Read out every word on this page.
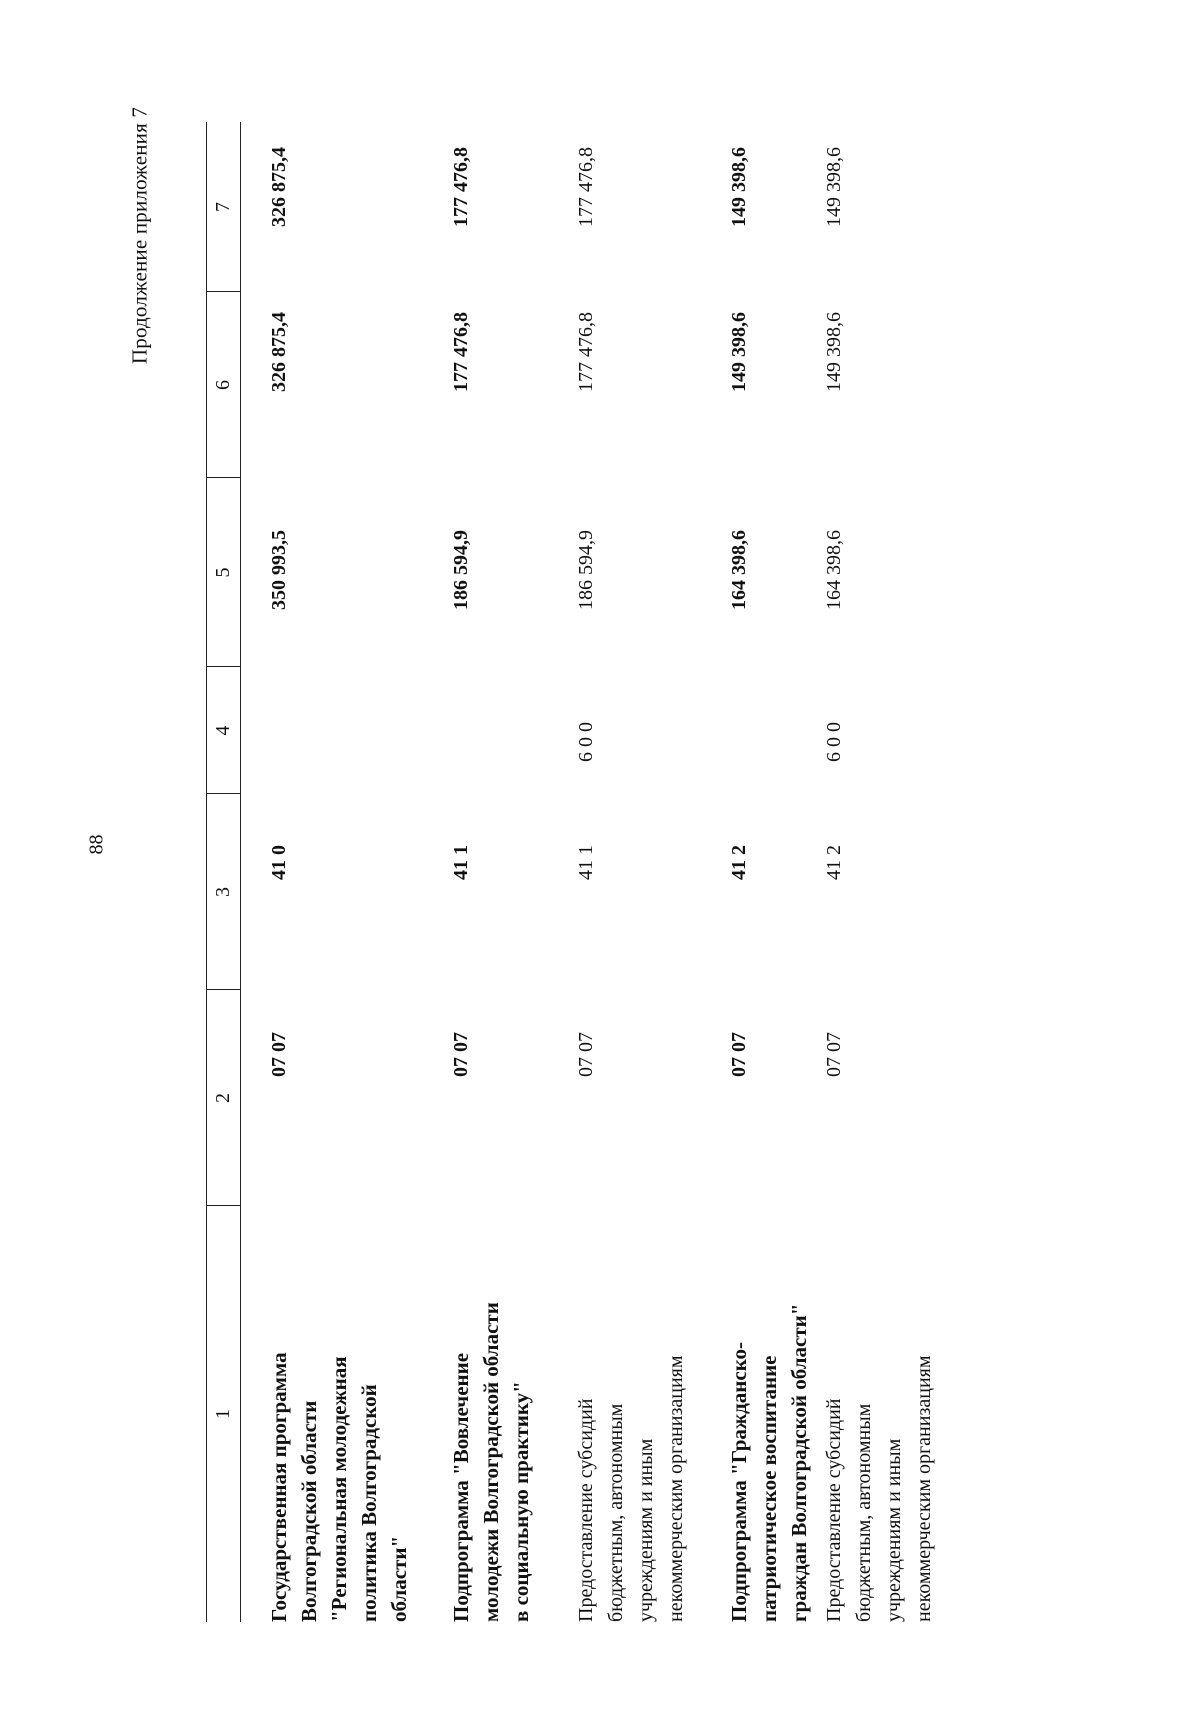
88
Продолжение приложения 7
1
2
3
4
5
6
7
Государственная программа Волгоградской области "Региональная молодежная политика Волгоградской области"
07 07
41 0
350 993,5
326 875,4
326 875,4
Подпрограмма "Вовлечение молодежи Волгоградской области в социальную практику"
07 07
41 1
186 594,9
177 476,8
177 476,8
Предоставление субсидий бюджетным, автономным учреждениям и иным некоммерческим организациям
07 07
41 1
6 0 0
186 594,9
177 476,8
177 476,8
Подпрограмма "Гражданско- патриотическое воспитание граждан Волгоградской области"
07 07
41 2
164 398,6
149 398,6
149 398,6
Предоставление субсидий бюджетным, автономным учреждениям и иным некоммерческим организациям
07 07
41 2
6 0 0
164 398,6
149 398,6
149 398,6
